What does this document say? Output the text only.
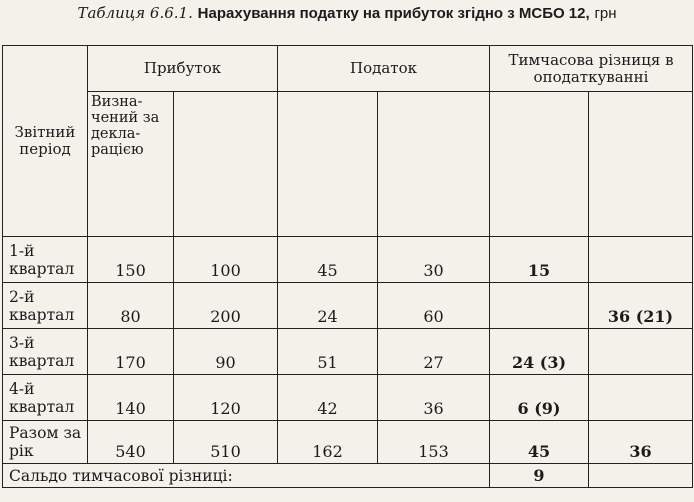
Таблиця 6.6.1. Нарахування податку на прибуток згідно з МСБО 12, грн
Звітний період	Прибуток		Податок		Тимчасова різниця в оподаткуванні	
	Визна- чений за декла- рацією					
1-й квартал	150	100	45	30	15	
2-й квартал	80	200	24	60		36 (21)
3-й квартал	170	90	51	27	24 (3)	
4-й квартал	140	120	42	36	6 (9)	
Разом за рік	540	510	162	153	45	36
Сальдо тимчасової різниці:					9	
